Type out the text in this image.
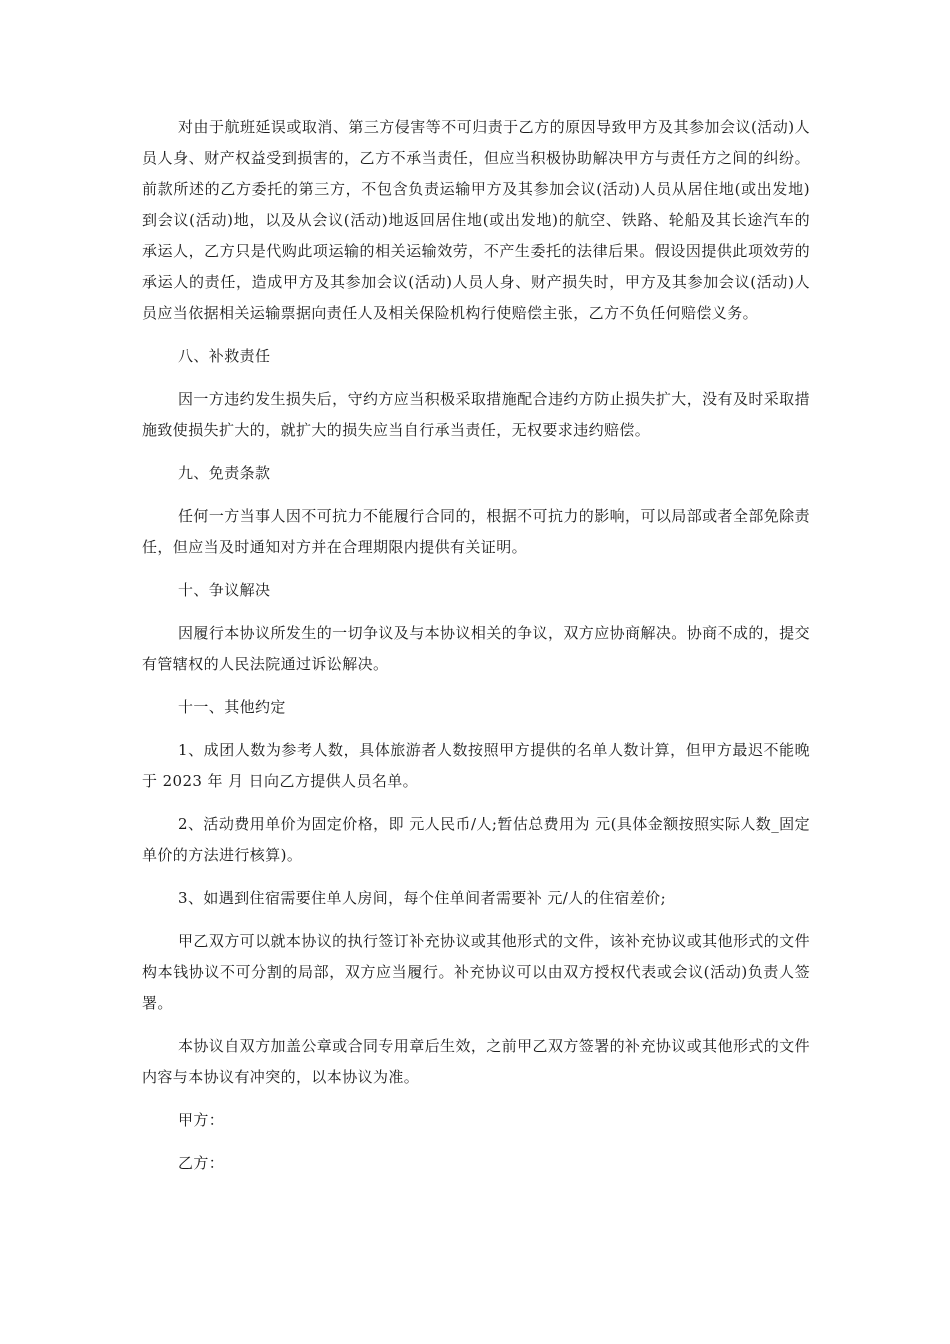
对由于航班延误或取消、第三方侵害等不可归责于乙方的原因导致甲方及其参加会议(活动)人员人身、财产权益受到损害的，乙方不承当责任，但应当积极协助解决甲方与责任方之间的纠纷。前款所述的乙方委托的第三方，不包含负责运输甲方及其参加会议(活动)人员从居住地(或出发地)到会议(活动)地，以及从会议(活动)地返回居住地(或出发地)的航空、铁路、轮船及其长途汽车的承运人，乙方只是代购此项运输的相关运输效劳，不产生委托的法律后果。假设因提供此项效劳的承运人的责任，造成甲方及其参加会议(活动)人员人身、财产损失时，甲方及其参加会议(活动)人员应当依据相关运输票据向责任人及相关保险机构行使赔偿主张，乙方不负任何赔偿义务。

八、补救责任

因一方违约发生损失后，守约方应当积极采取措施配合违约方防止损失扩大，没有及时采取措施致使损失扩大的，就扩大的损失应当自行承当责任，无权要求违约赔偿。

九、免责条款

任何一方当事人因不可抗力不能履行合同的，根据不可抗力的影响，可以局部或者全部免除责任，但应当及时通知对方并在合理期限内提供有关证明。

十、争议解决

因履行本协议所发生的一切争议及与本协议相关的争议，双方应协商解决。协商不成的，提交有管辖权的人民法院通过诉讼解决。

十一、其他约定

1、成团人数为参考人数，具体旅游者人数按照甲方提供的名单人数计算，但甲方最迟不能晚于 2023 年 月 日向乙方提供人员名单。

2、活动费用单价为固定价格，即 元人民币/人;暂估总费用为 元(具体金额按照实际人数_固定单价的方法进行核算)。

3、如遇到住宿需要住单人房间，每个住单间者需要补 元/人的住宿差价;

甲乙双方可以就本协议的执行签订补充协议或其他形式的文件，该补充协议或其他形式的文件构本钱协议不可分割的局部，双方应当履行。补充协议可以由双方授权代表或会议(活动)负责人签署。

本协议自双方加盖公章或合同专用章后生效，之前甲乙双方签署的补充协议或其他形式的文件内容与本协议有冲突的，以本协议为准。

甲方：

乙方：
